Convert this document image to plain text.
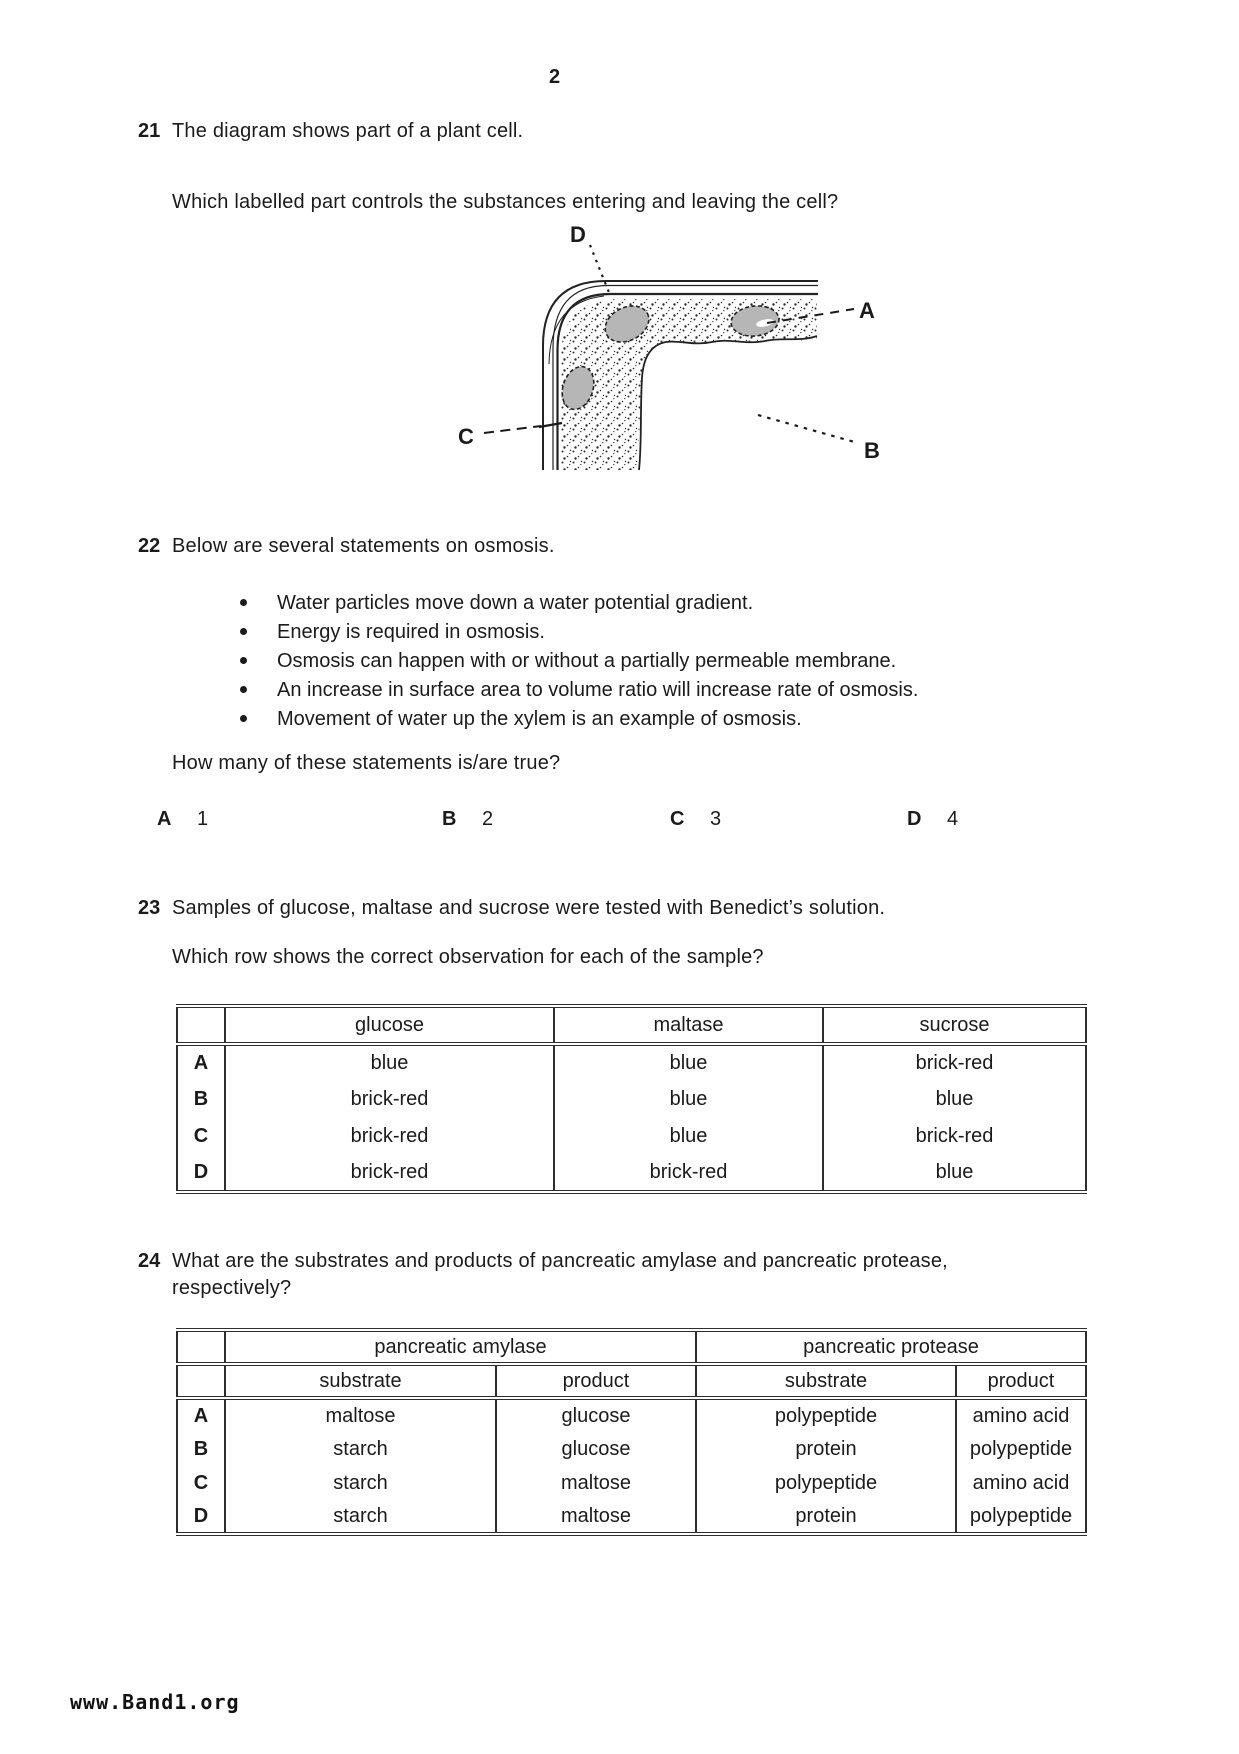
2
21 The diagram shows part of a plant cell.
Which labelled part controls the substances entering and leaving the cell?
D
A
C
B
22 Below are several statements on osmosis.
Water particles move down a water potential gradient.
Energy is required in osmosis.
Osmosis can happen with or without a partially permeable membrane.
An increase in surface area to volume ratio will increase rate of osmosis.
Movement of water up the xylem is an example of osmosis.
How many of these statements is/are true?
A 1	B 2	C 3	D 4
23 Samples of glucose, maltase and sucrose were tested with Benedict’s solution.
Which row shows the correct observation for each of the sample?
	glucose	maltase	sucrose
A	blue	blue	brick-red
B	brick-red	blue	blue
C	brick-red	blue	brick-red
D	brick-red	brick-red	blue
24 What are the substrates and products of pancreatic amylase and pancreatic protease,
respectively?
	pancreatic amylase		pancreatic protease	
	substrate	product	substrate	product
A	maltose	glucose	polypeptide	amino acid
B	starch	glucose	protein	polypeptide
C	starch	maltose	polypeptide	amino acid
D	starch	maltose	protein	polypeptide
www.Band1.org
